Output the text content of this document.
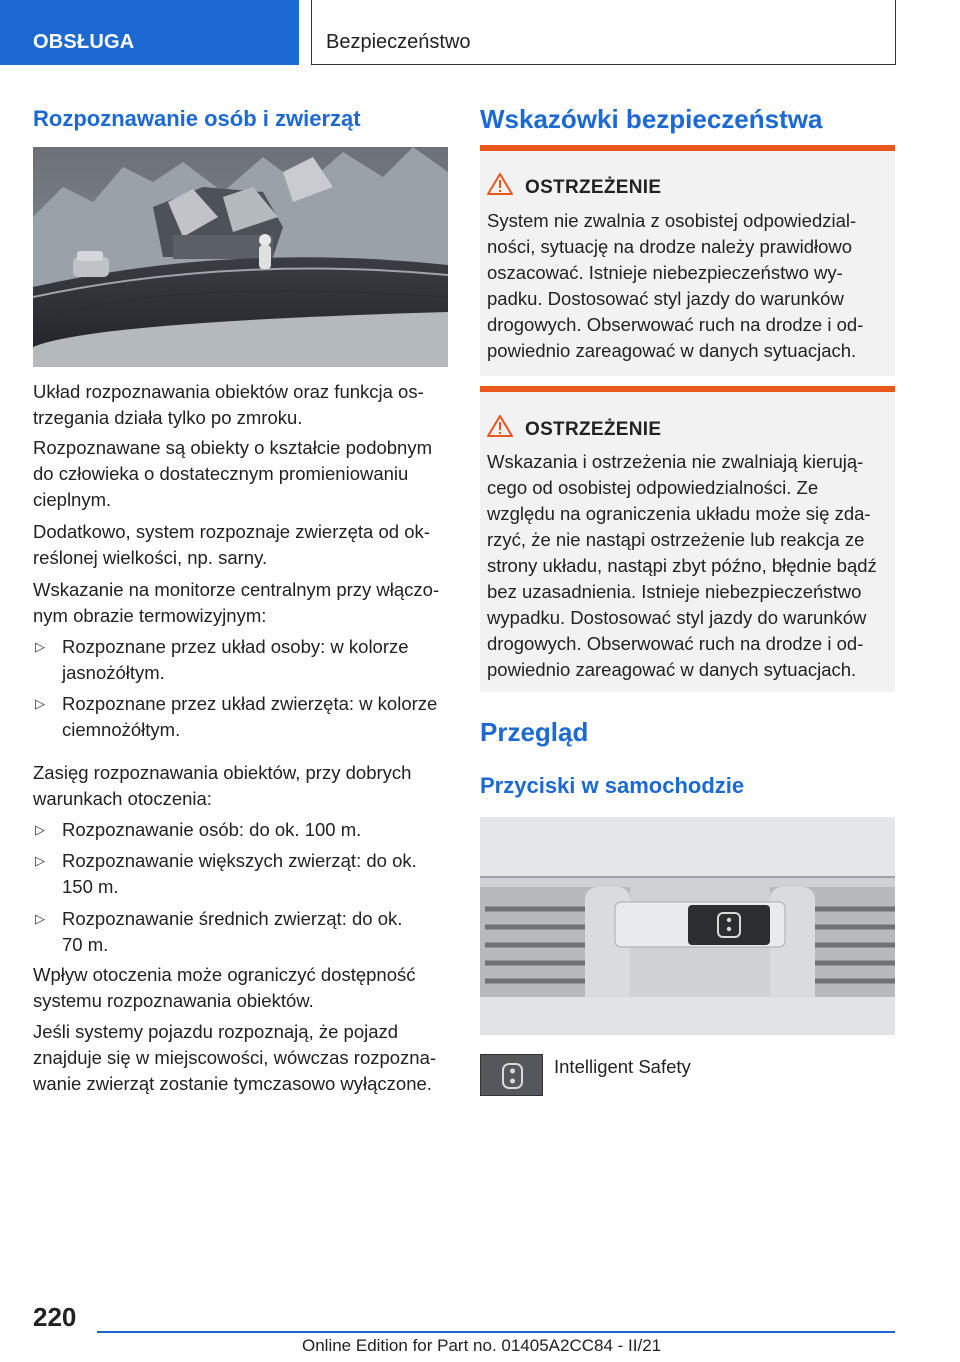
OBSŁUGA	Bezpieczeństwo
Rozpoznawanie osób i zwierząt
Układ rozpoznawania obiektów oraz funkcja os-
trzegania działa tylko po zmroku.
Rozpoznawane są obiekty o kształcie podobnym
do człowieka o dostatecznym promieniowaniu
cieplnym.
Dodatkowo, system rozpoznaje zwierzęta od ok-
reślonej wielkości, np. sarny.
Wskazanie na monitorze centralnym przy włączo-
nym obrazie termowizyjnym:
▷ Rozpoznane przez układ osoby: w kolorze
jasnożółtym.
▷ Rozpoznane przez układ zwierzęta: w kolorze
ciemnożółtym.
Zasięg rozpoznawania obiektów, przy dobrych
warunkach otoczenia:
▷ Rozpoznawanie osób: do ok. 100 m.
▷ Rozpoznawanie większych zwierząt: do ok.
150 m.
▷ Rozpoznawanie średnich zwierząt: do ok.
70 m.
Wpływ otoczenia może ograniczyć dostępność
systemu rozpoznawania obiektów.
Jeśli systemy pojazdu rozpoznają, że pojazd
znajduje się w miejscowości, wówczas rozpozna-
wanie zwierząt zostanie tymczasowo wyłączone.
Wskazówki bezpieczeństwa
OSTRZEŻENIE
System nie zwalnia z osobistej odpowiedzial-
ności, sytuację na drodze należy prawidłowo
oszacować. Istnieje niebezpieczeństwo wy-
padku. Dostosować styl jazdy do warunków
drogowych. Obserwować ruch na drodze i od-
powiednio zareagować w danych sytuacjach.
OSTRZEŻENIE
Wskazania i ostrzeżenia nie zwalniają kierują-
cego od osobistej odpowiedzialności. Ze
względu na ograniczenia układu może się zda-
rzyć, że nie nastąpi ostrzeżenie lub reakcja ze
strony układu, nastąpi zbyt późno, błędnie bądź
bez uzasadnienia. Istnieje niebezpieczeństwo
wypadku. Dostosować styl jazdy do warunków
drogowych. Obserwować ruch na drodze i od-
powiednio zareagować w danych sytuacjach.
Przegląd
Przyciski w samochodzie
Intelligent Safety
220
Online Edition for Part no. 01405A2CC84 - II/21
